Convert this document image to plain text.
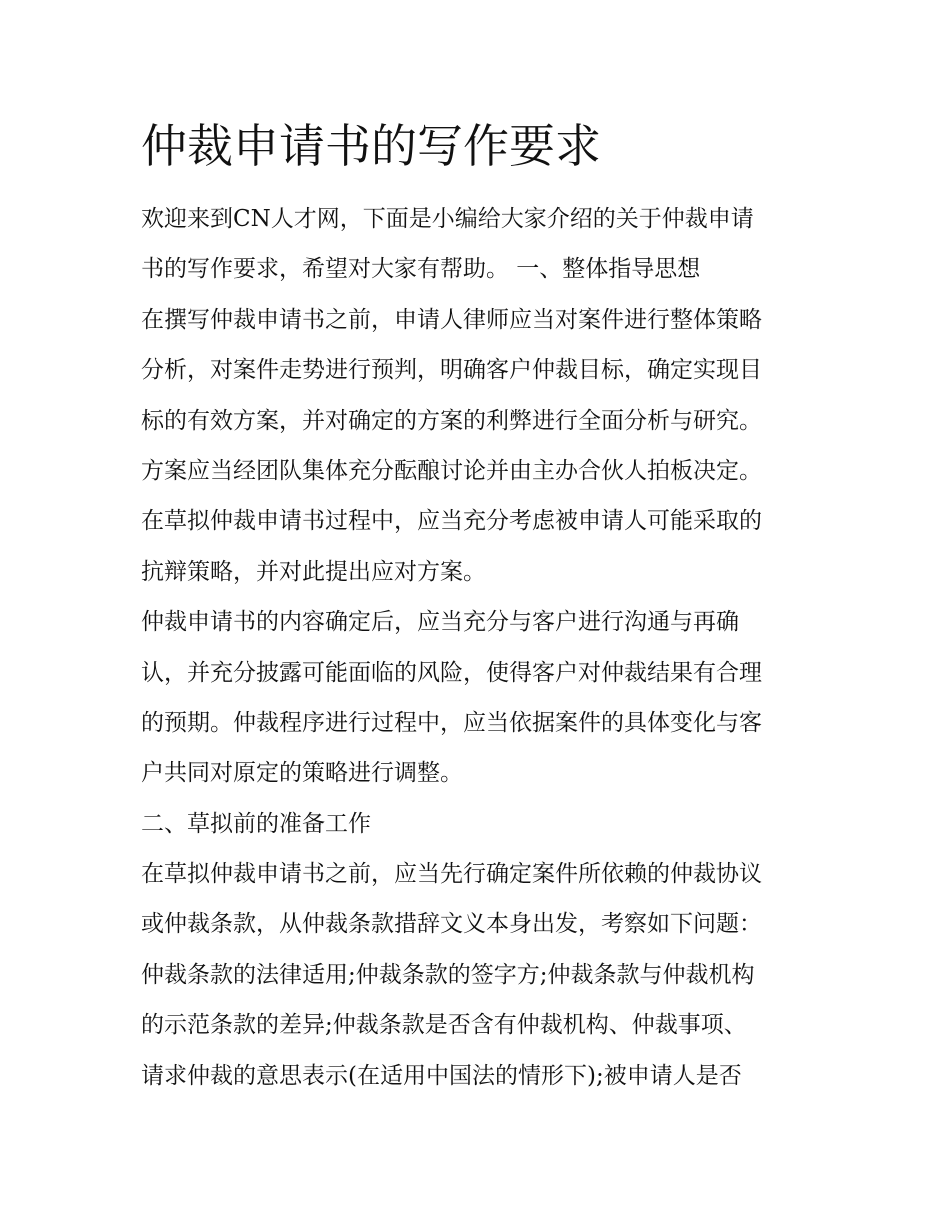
仲裁申请书的写作要求
欢迎来到CN人才网，下面是小编给大家介绍的关于仲裁申请
书的写作要求，希望对大家有帮助。 一、整体指导思想
在撰写仲裁申请书之前，申请人律师应当对案件进行整体策略
分析，对案件走势进行预判，明确客户仲裁目标，确定实现目
标的有效方案，并对确定的方案的利弊进行全面分析与研究。
方案应当经团队集体充分酝酿讨论并由主办合伙人拍板决定。
在草拟仲裁申请书过程中，应当充分考虑被申请人可能采取的
抗辩策略，并对此提出应对方案。
仲裁申请书的内容确定后，应当充分与客户进行沟通与再确
认，并充分披露可能面临的风险，使得客户对仲裁结果有合理
的预期。仲裁程序进行过程中，应当依据案件的具体变化与客
户共同对原定的策略进行调整。
二、草拟前的准备工作
在草拟仲裁申请书之前，应当先行确定案件所依赖的仲裁协议
或仲裁条款，从仲裁条款措辞文义本身出发，考察如下问题：
仲裁条款的法律适用;仲裁条款的签字方;仲裁条款与仲裁机构
的示范条款的差异;仲裁条款是否含有仲裁机构、仲裁事项、
请求仲裁的意思表示(在适用中国法的情形下);被申请人是否
